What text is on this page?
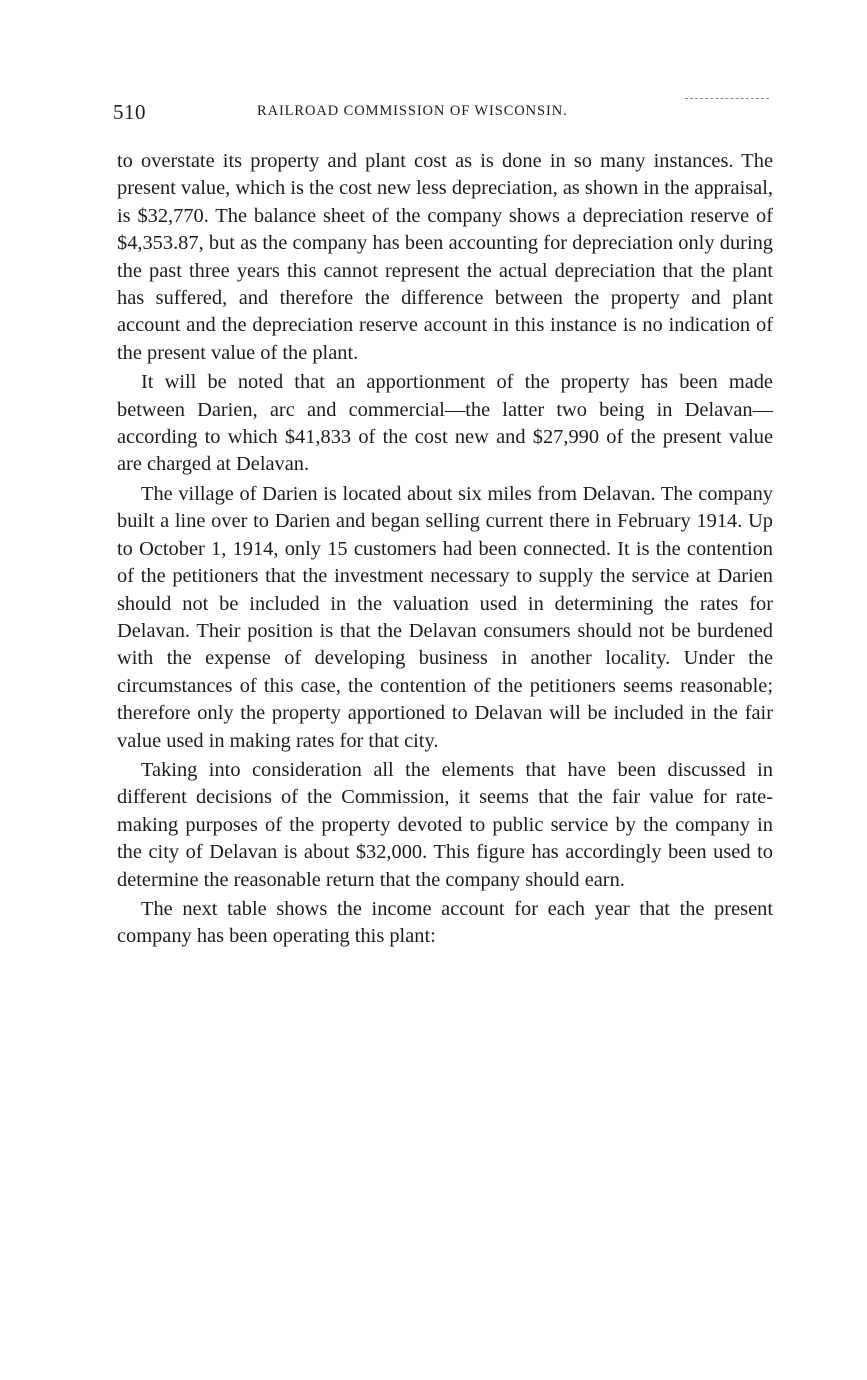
510	RAILROAD COMMISSION OF WISCONSIN.

to overstate its property and plant cost as is done in so many instances. The present value, which is the cost new less depreciation, as shown in the appraisal, is $32,770. The balance sheet of the company shows a depreciation reserve of $4,353.87, but as the company has been accounting for depreciation only during the past three years this cannot represent the actual depreciation that the plant has suffered, and therefore the difference between the property and plant account and the depreciation reserve account in this instance is no indication of the present value of the plant.

It will be noted that an apportionment of the property has been made between Darien, arc and commercial—the latter two being in Delavan—according to which $41,833 of the cost new and $27,990 of the present value are charged at Delavan.

The village of Darien is located about six miles from Delavan. The company built a line over to Darien and began selling current there in February 1914. Up to October 1, 1914, only 15 customers had been connected. It is the contention of the petitioners that the investment necessary to supply the service at Darien should not be included in the valuation used in determining the rates for Delavan. Their position is that the Delavan consumers should not be burdened with the expense of developing business in another locality. Under the circumstances of this case, the contention of the petitioners seems reasonable; therefore only the property apportioned to Delavan will be included in the fair value used in making rates for that city.

Taking into consideration all the elements that have been discussed in different decisions of the Commission, it seems that the fair value for rate-making purposes of the property devoted to public service by the company in the city of Delavan is about $32,000. This figure has accordingly been used to determine the reasonable return that the company should earn.

The next table shows the income account for each year that the present company has been operating this plant:
